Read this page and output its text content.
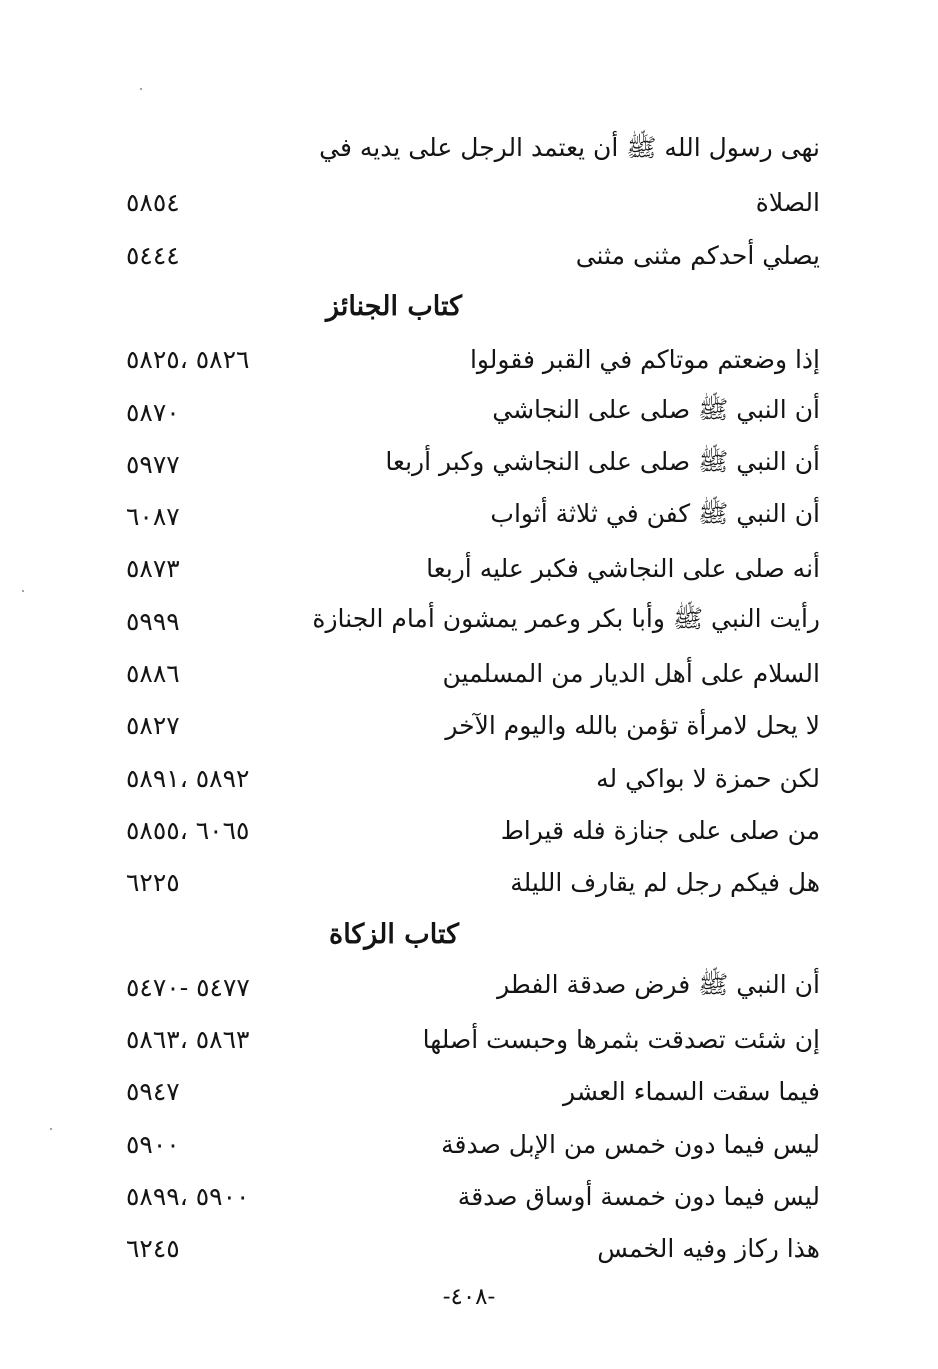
-٤٠٨-
نهى رسول الله ﷺ أن يعتمد الرجل على يديه في
الصلاة
٥٨٥٤
يصلي أحدكم مثنى مثنى
٥٤٤٤
كتاب الجنائز
إذا وضعتم موتاكم في القبر فقولوا
٥٨٢٦ ،٥٨٢٥
أن النبي ﷺ صلى على النجاشي
٥٨٧٠
أن النبي ﷺ صلى على النجاشي وكبر أربعا
٥٩٧٧
أن النبي ﷺ كفن في ثلاثة أثواب
٦٠٨٧
أنه صلى على النجاشي فكبر عليه أربعا
٥٨٧٣
رأيت النبي ﷺ وأبا بكر وعمر يمشون أمام الجنازة
٥٩٩٩
السلام على أهل الديار من المسلمين
٥٨٨٦
لا يحل لامرأة تؤمن بالله واليوم الآخر
٥٨٢٧
لكن حمزة لا بواكي له
٥٨٩٢ ،٥٨٩١
من صلى على جنازة فله قيراط
٦٠٦٥ ،٥٨٥٥
هل فيكم رجل لم يقارف الليلة
٦٢٢٥
كتاب الزكاة
أن النبي ﷺ فرض صدقة الفطر
٥٤٧٧ -٥٤٧٠
إن شئت تصدقت بثمرها وحبست أصلها
٥٨٦٣ ،٥٨٦٣
فيما سقت السماء العشر
٥٩٤٧
ليس فيما دون خمس من الإبل صدقة
٥٩٠٠
ليس فيما دون خمسة أوساق صدقة
٥٩٠٠ ،٥٨٩٩
هذا ركاز وفيه الخمس
٦٢٤٥
